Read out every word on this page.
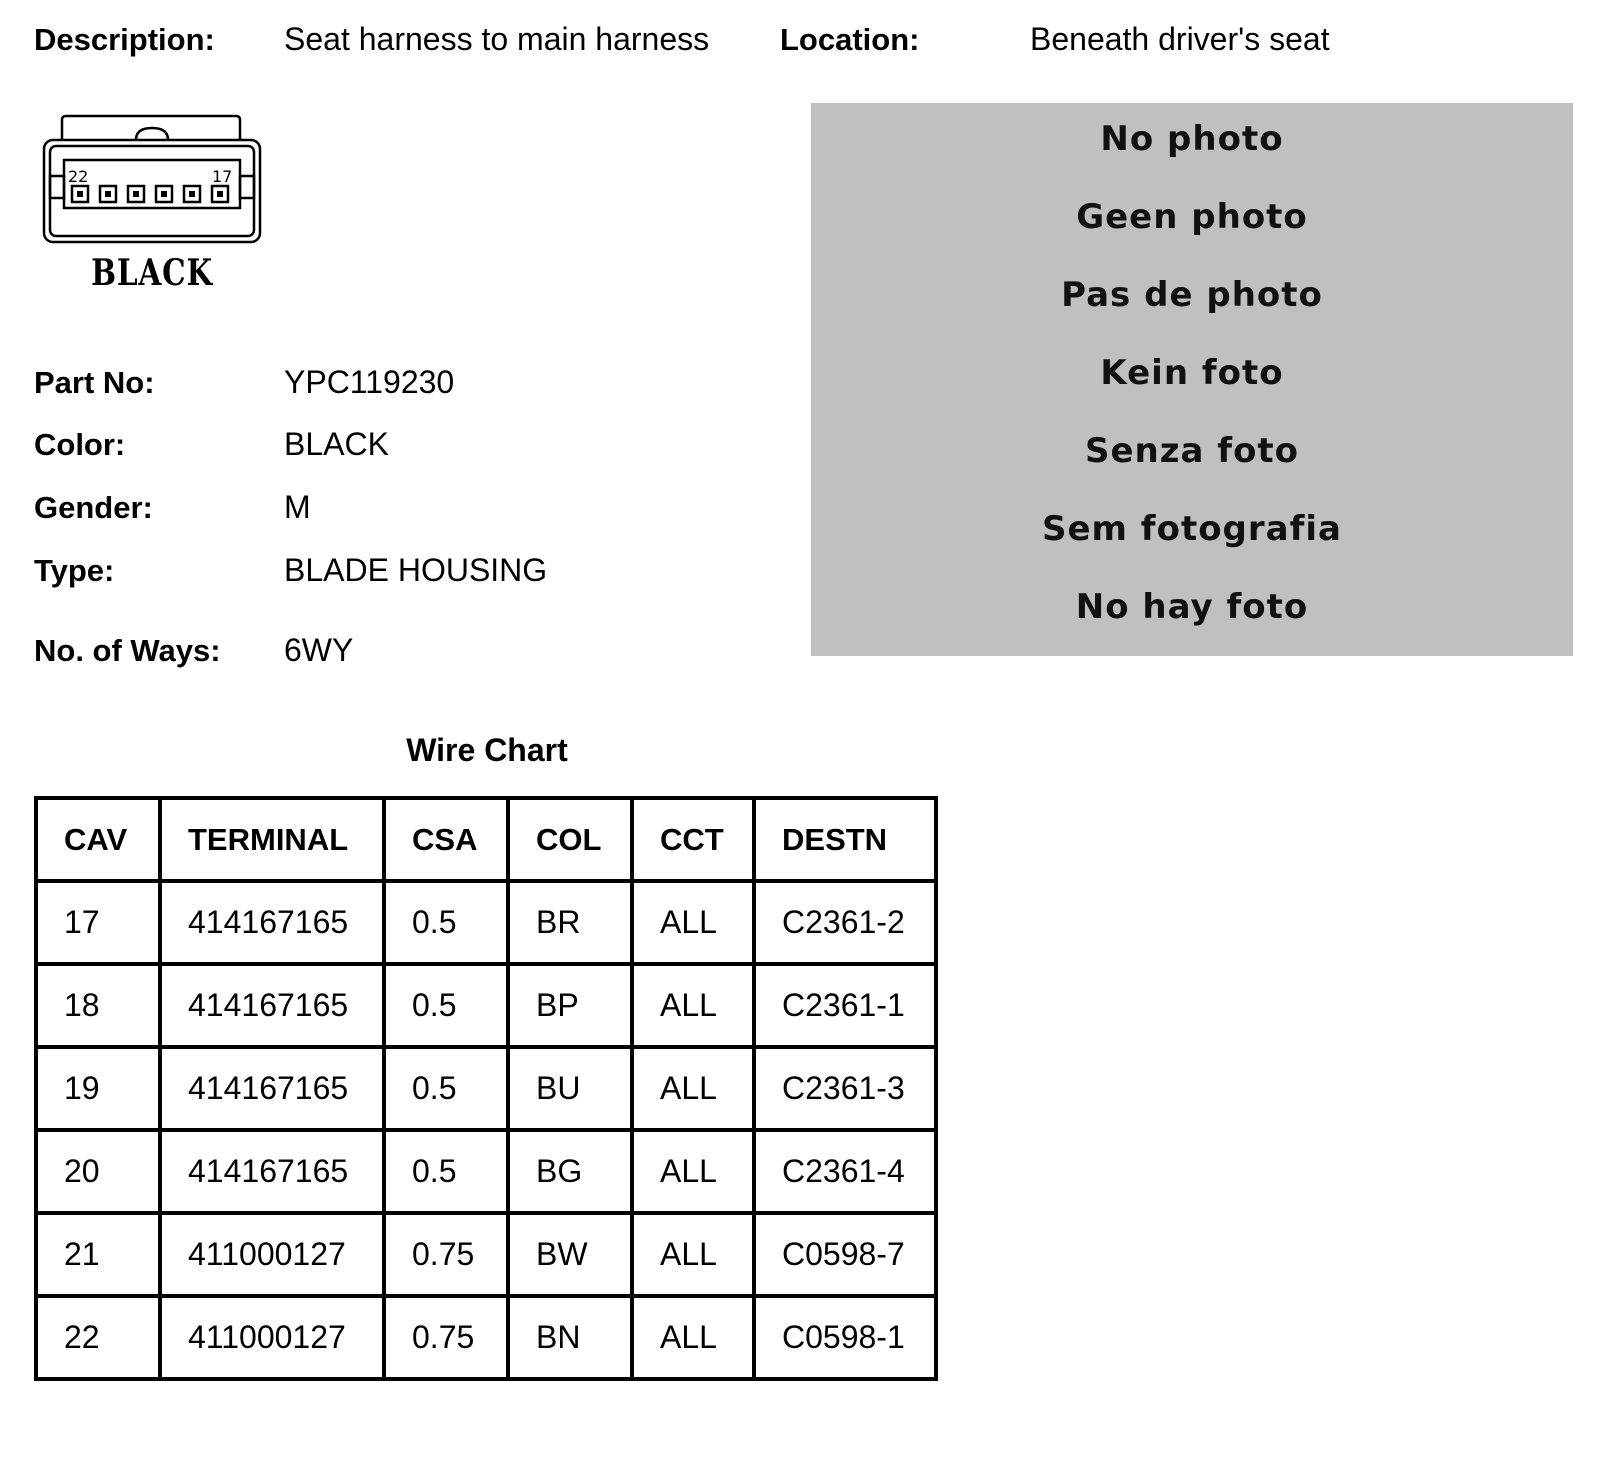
Description: Seat harness to main harness Location:	Beneath driver's seat
22	17
BLACK
Part No:	YPC119230
Color:	BLACK
Gender:	M
Type:	BLADE HOUSING
No. of Ways: 6WY
No photo
Geen photo
Pas de photo
Kein foto
Senza foto
Sem fotografia
No hay foto
Wire Chart
CAV	TERMINAL	CSA	COL	CCT	DESTN
17	414167165	0.5	BR	ALL	C2361-2
18	414167165	0.5	BP	ALL	C2361-1
19	414167165	0.5	BU	ALL	C2361-3
20	414167165	0.5	BG	ALL	C2361-4
21	411000127	0.75	BW	ALL	C0598-7
22	411000127	0.75	BN	ALL	C0598-1
